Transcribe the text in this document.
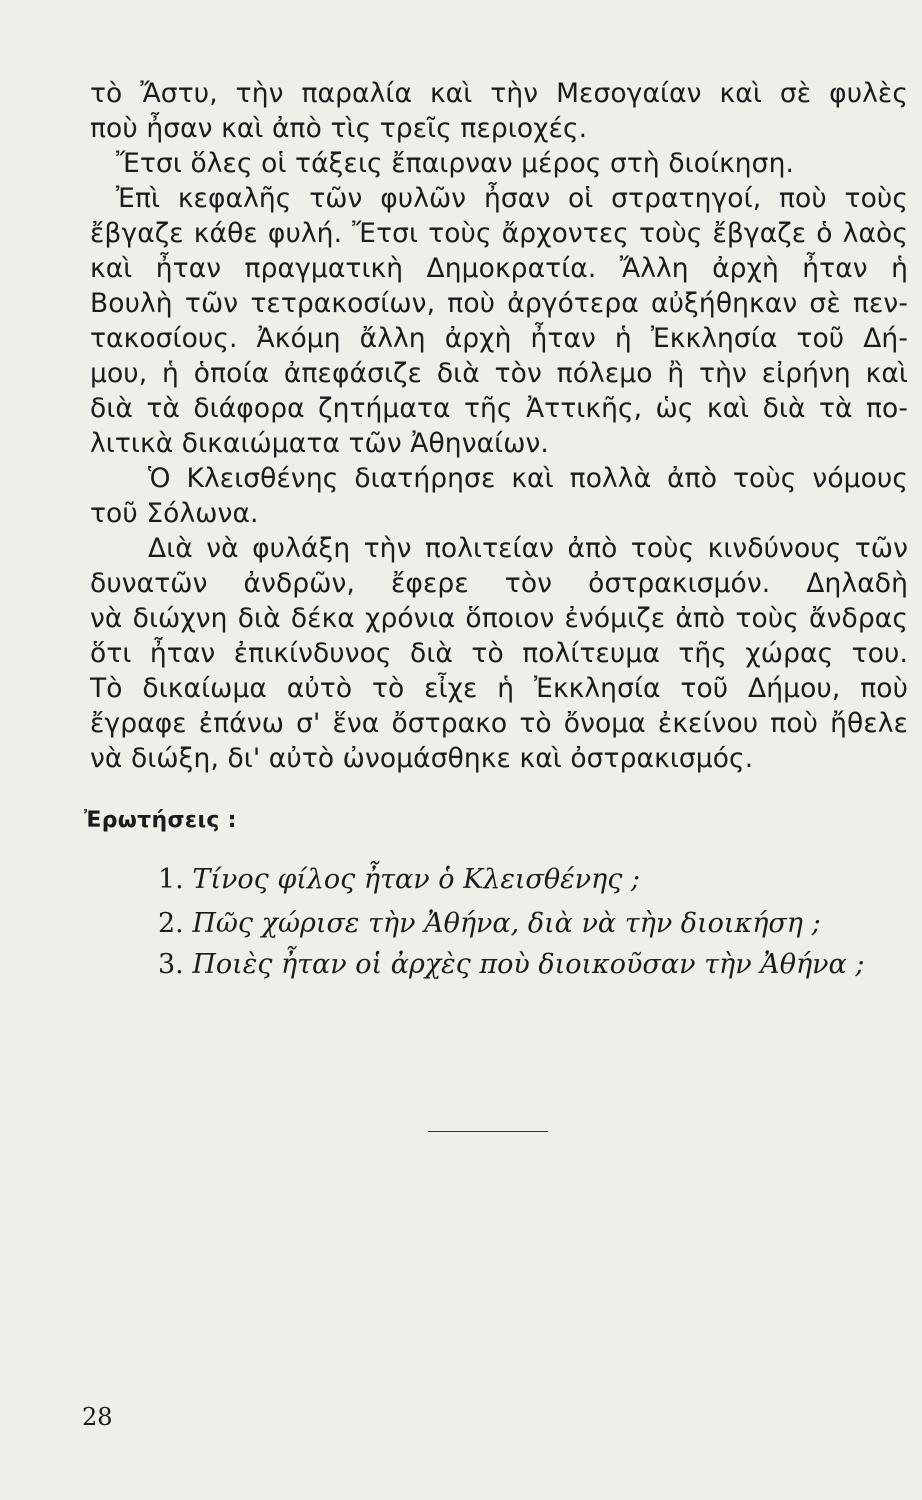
τὸ Ἄστυ, τὴν παραλία καὶ τὴν Μεσογαίαν καὶ σὲ φυλὲς
ποὺ ἦσαν καὶ ἀπὸ τὶς τρεῖς περιοχές.
Ἔτσι ὅλες οἱ τάξεις ἔπαιρναν μέρος στὴ διοίκηση.
Ἐπὶ κεφαλῆς τῶν φυλῶν ἦσαν οἱ στρατηγοί, ποὺ τοὺς
ἔβγαζε κάθε φυλή. Ἔτσι τοὺς ἄρχοντες τοὺς ἔβγαζε ὁ λαὸς
καὶ ἦταν πραγματικὴ Δημοκρατία. Ἄλλη ἀρχὴ ἦταν ἡ
Βουλὴ τῶν τετρακοσίων, ποὺ ἀργότερα αὐξήθηκαν σὲ πεν-
τακοσίους. Ἀκόμη ἄλλη ἀρχὴ ἦταν ἡ Ἐκκλησία τοῦ Δή-
μου, ἡ ὁποία ἀπεφάσιζε διὰ τὸν πόλεμο ἢ τὴν εἰρήνη καὶ
διὰ τὰ διάφορα ζητήματα τῆς Ἀττικῆς, ὡς καὶ διὰ τὰ πο-
λιτικὰ δικαιώματα τῶν Ἀθηναίων.
Ὁ Κλεισθένης διατήρησε καὶ πολλὰ ἀπὸ τοὺς νόμους
τοῦ Σόλωνα.
Διὰ νὰ φυλάξη τὴν πολιτείαν ἀπὸ τοὺς κινδύνους τῶν
δυνατῶν ἀνδρῶν, ἔφερε τὸν ὀστρακισμόν. Δηλαδὴ
νὰ διώχνη διὰ δέκα χρόνια ὅποιον ἐνόμιζε ἀπὸ τοὺς ἄνδρας
ὅτι ἦταν ἐπικίνδυνος διὰ τὸ πολίτευμα τῆς χώρας του.
Τὸ δικαίωμα αὐτὸ τὸ εἶχε ἡ Ἐκκλησία τοῦ Δήμου, ποὺ
ἔγραφε ἐπάνω σ' ἕνα ὄστρακο τὸ ὄνομα ἐκείνου ποὺ ἤθελε
νὰ διώξη, δι' αὐτὸ ὠνομάσθηκε καὶ ὀστρακισμός.
Ἐρωτήσεις :
1. Τίνος φίλος ἦταν ὁ Κλεισθένης ;
2. Πῶς χώρισε τὴν Ἀθήνα, διὰ νὰ τὴν διοικήση ;
3. Ποιὲς ἦταν οἱ ἀρχὲς ποὺ διοικοῦσαν τὴν Ἀθήνα ;
28
